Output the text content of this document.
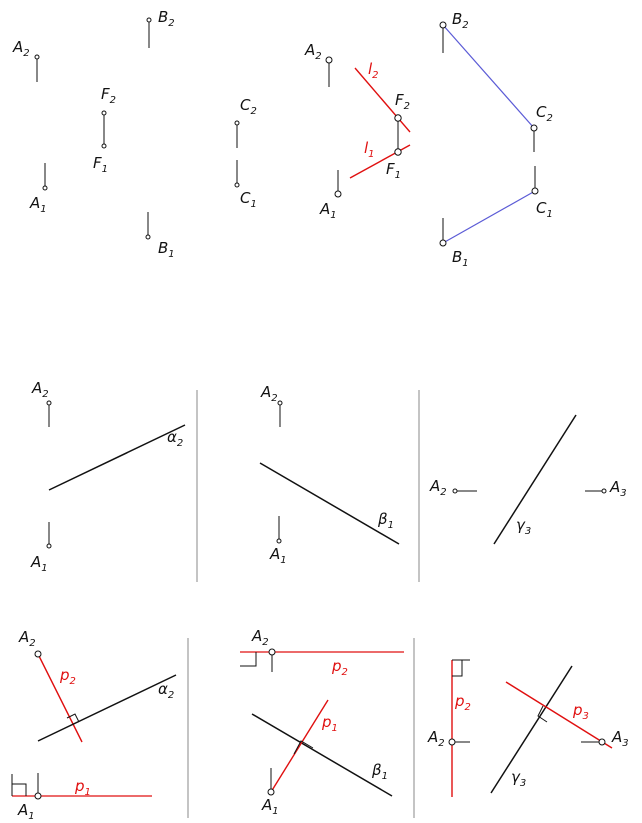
$A_2$
$A_1$
$B_2$
$B_1$
$F_2$
$F_1$
$C_2$
$C_1$
$A_2$
$A_1$
$l_2$
$l_1$
$F_2$
$F_1$
$B_2$
$B_1$
$C_2$
$C_1$
$A_2$
$\alpha_2$
$A_1$
$A_2$
$\beta_1$
$A_1$
$A_2$
$\gamma_3$
$A_3$
$A_2$
$p_2$	$\alpha_2$
$p_1$
$A_1$
$A_2$
$p_2$
$p_1$
$\beta_1$
$A_1$
$p_2$
$A_2$
$p_3$
$A_3$
$\gamma_3$
